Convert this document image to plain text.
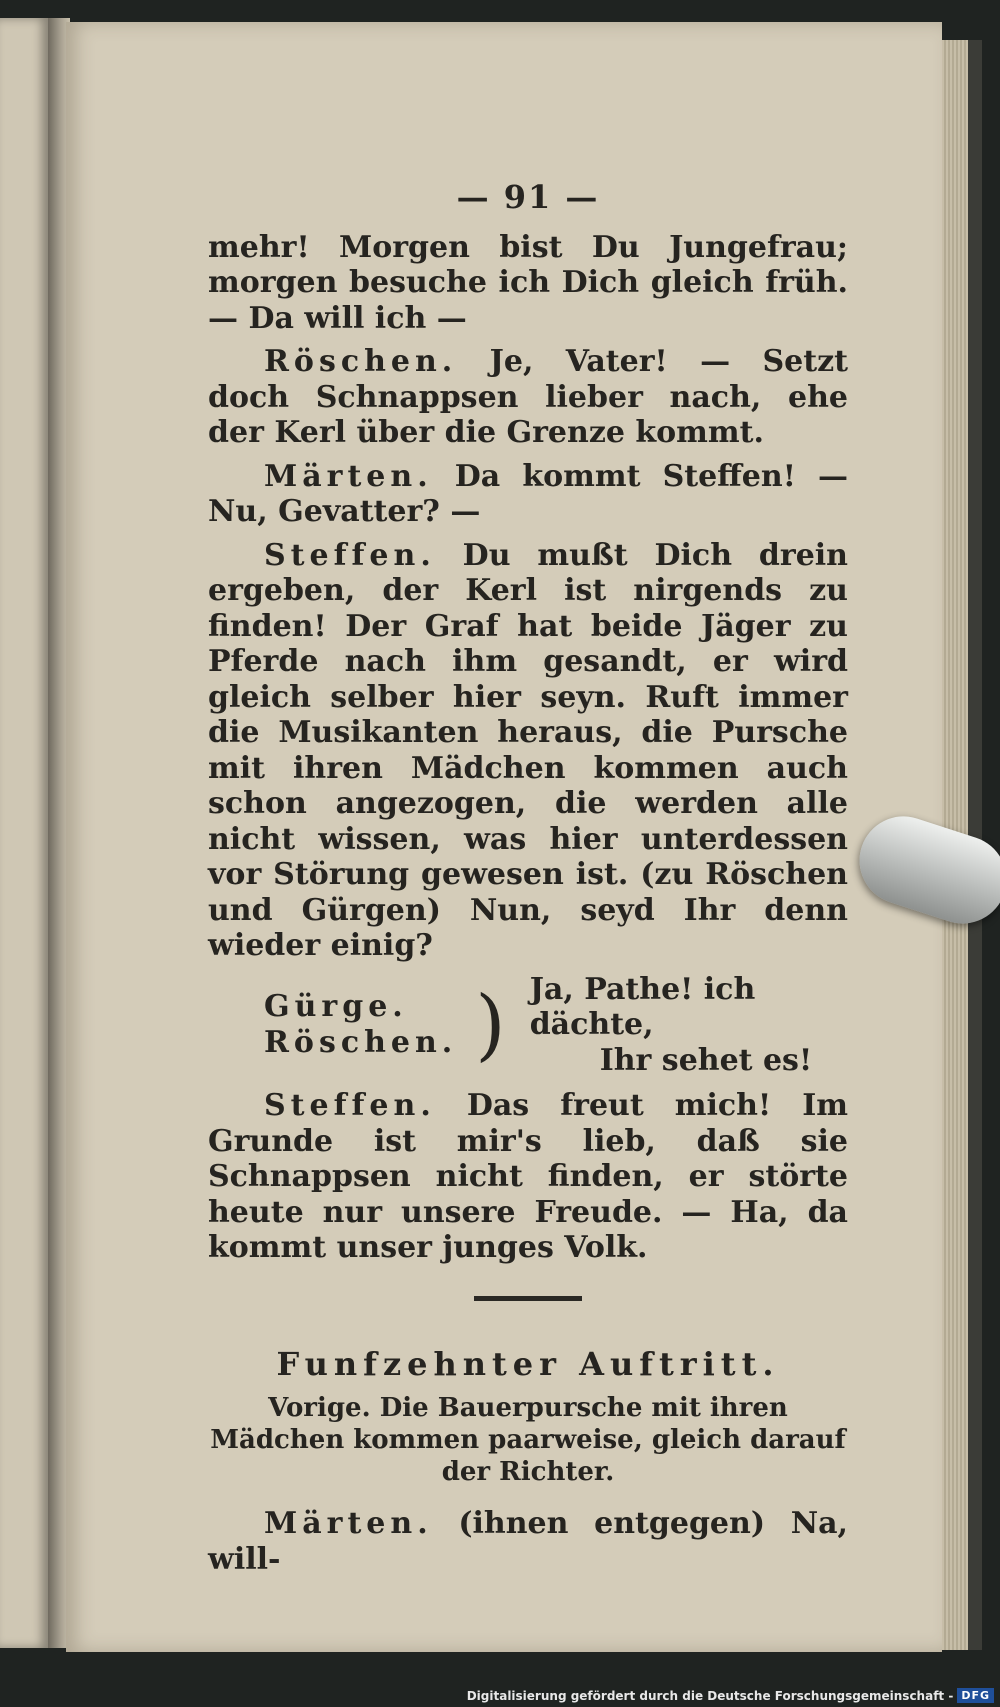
— 91 —

mehr! Morgen bist Du Jungefrau; morgen besuche ich Dich gleich früh. — Da will ich —

Röschen. Je, Vater! — Setzt doch Schnappsen lieber nach, ehe der Kerl über die Grenze kommt.

Märten. Da kommt Steffen! — Nu, Gevatter? —

Steffen. Du mußt Dich drein ergeben, der Kerl ist nirgends zu finden! Der Graf hat beide Jäger zu Pferde nach ihm gesandt, er wird gleich selber hier seyn. Ruft immer die Musikanten heraus, die Pursche mit ihren Mädchen kommen auch schon angezogen, die werden alle nicht wissen, was hier unterdessen vor Störung gewesen ist. (zu Röschen und Gürgen) Nun, seyd Ihr denn wieder einig?

Gürge.
Röschen. ) Ja, Pathe! ich dächte,
Ihr sehet es!

Steffen. Das freut mich! Im Grunde ist mir's lieb, daß sie Schnappsen nicht finden, er störte heute nur unsere Freude. — Ha, da kommt unser junges Volk.

Funfzehnter Auftritt.

Vorige. Die Bauerpursche mit ihren Mädchen kommen paarweise, gleich darauf der Richter.

Märten. (ihnen entgegen) Na, will-

Digitalisierung gefördert durch die Deutsche Forschungsgemeinschaft - DFG
